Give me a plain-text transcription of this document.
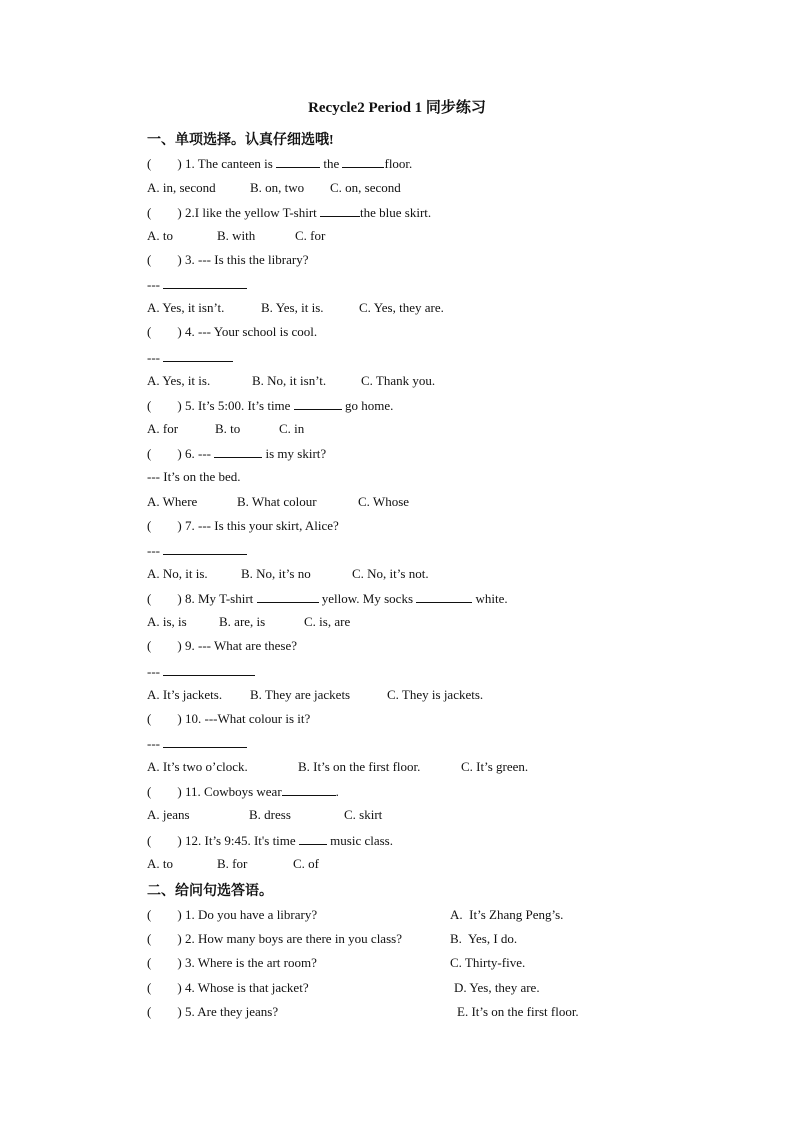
Recycle2 Period 1 同步练习
一、单项选择。认真仔细选哦!
(        ) 1. The canteen is	the	floor.
A. in, second	B. on, two C. on, second
(        ) 2.I like the yellow T-shirt	the blue skirt.
A. to	B. with	C. for
(        ) 3. --- Is this the library?
---
A. Yes, it isn’t.	B. Yes, it is.	C. Yes, they are.
(        ) 4. --- Your school is cool.
---
A. Yes, it is.	B. No, it isn’t.	C. Thank you.
(        ) 5. It’s 5:00. It’s time	go home.
A. for	B. to	C. in
(        ) 6. ---	is my skirt?
--- It’s on the bed.
A. Where	B. What colour	C. Whose
(        ) 7. --- Is this your skirt, Alice?
---
A. No, it is.	B. No, it’s no	C. No, it’s not.
(        ) 8. My T-shirt	yellow. My socks	white.
A. is, is B. are, is	C. is, are
(        ) 9. --- What are these?
---
A. It’s jackets. B. They are jackets	C. They is jackets.
(        ) 10. ---What colour is it?
---
A. It’s two o’clock.	B. It’s on the first floor.	C. It’s green.
(        ) 11. Cowboys wear	.
A. jeans	B. dress	C. skirt
(        ) 12. It’s 9:45. It's time  music class.
A. to	B. for	C. of
二、给问句选答语。
(        ) 1. Do you have a library?	A.  It’s Zhang Peng’s.
(        ) 2. How many boys are there in you class?	B.  Yes, I do.
(        ) 3. Where is the art room?	C. Thirty-five.
(        ) 4. Whose is that jacket?	D. Yes, they are.
(        ) 5. Are they jeans?	E. It’s on the first floor.
